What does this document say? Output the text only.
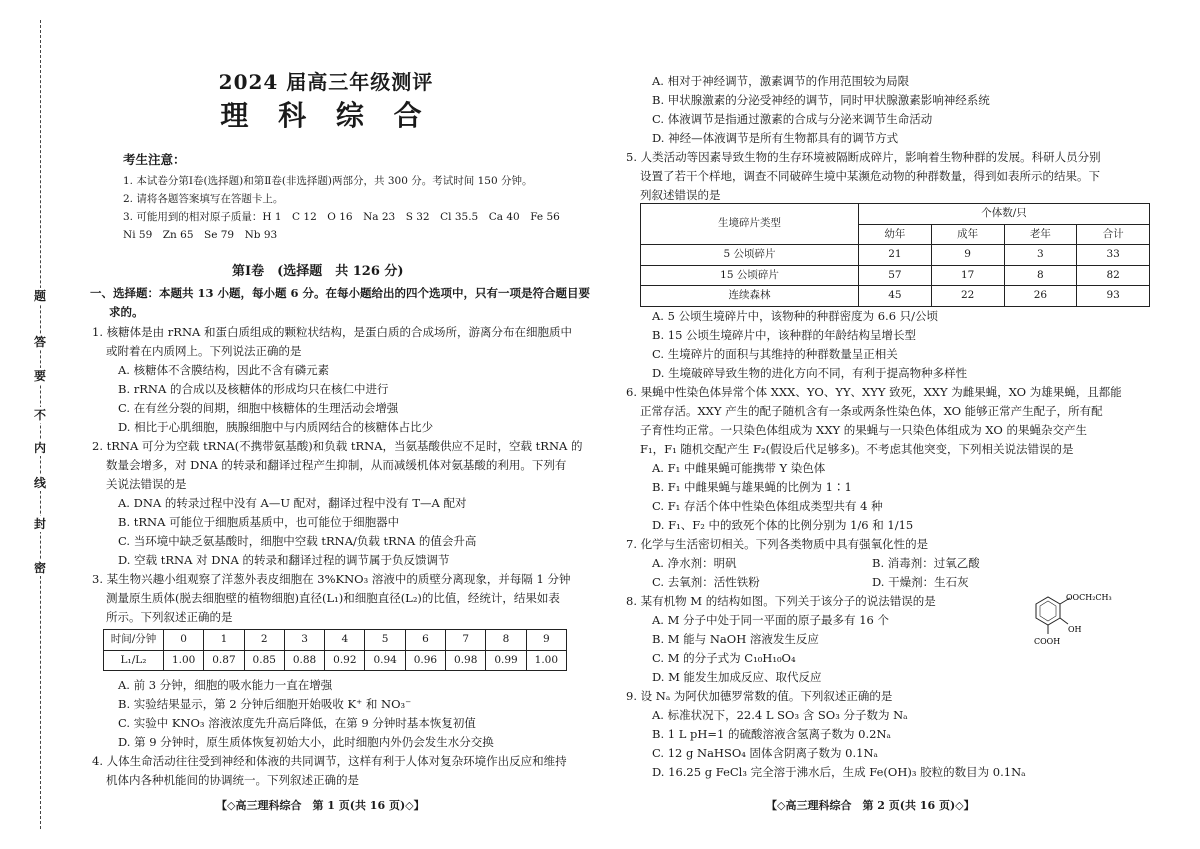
题
答
要
不
内
线
封
密
2024 届高三年级测评
理 科 综 合
考生注意：
1. 本试卷分第Ⅰ卷(选择题)和第Ⅱ卷(非选择题)两部分，共 300 分。考试时间 150 分钟。
2. 请将各题答案填写在答题卡上。
3. 可能用到的相对原子质量：H 1　C 12　O 16　Na 23　S 32　Cl 35.5　Ca 40　Fe 56
Ni 59　Zn 65　Se 79　Nb 93
第Ⅰ卷　(选择题　共 126 分)
一、选择题：本题共 13 小题，每小题 6 分。在每小题给出的四个选项中，只有一项是符合题目要
求的。
1. 核糖体是由 rRNA 和蛋白质组成的颗粒状结构，是蛋白质的合成场所，游离分布在细胞质中
或附着在内质网上。下列说法正确的是
A. 核糖体不含膜结构，因此不含有磷元素
B. rRNA 的合成以及核糖体的形成均只在核仁中进行
C. 在有丝分裂的间期，细胞中核糖体的生理活动会增强
D. 相比于心肌细胞，胰腺细胞中与内质网结合的核糖体占比少
2. tRNA 可分为空载 tRNA(不携带氨基酸)和负载 tRNA，当氨基酸供应不足时，空载 tRNA 的
数量会增多，对 DNA 的转录和翻译过程产生抑制，从而减缓机体对氨基酸的利用。下列有
关说法错误的是
A. DNA 的转录过程中没有 A—U 配对，翻译过程中没有 T—A 配对
B. tRNA 可能位于细胞质基质中，也可能位于细胞器中
C. 当环境中缺乏氨基酸时，细胞中空载 tRNA/负载 tRNA 的值会升高
D. 空载 tRNA 对 DNA 的转录和翻译过程的调节属于负反馈调节
3. 某生物兴趣小组观察了洋葱外表皮细胞在 3%KNO₃ 溶液中的质壁分离现象，并每隔 1 分钟
测量原生质体(脱去细胞壁的植物细胞)直径(L₁)和细胞直径(L₂)的比值，经统计，结果如表
所示。下列叙述正确的是
时间/分钟	0	1	2	3	4	5	6	7	8	9
L₁/L₂	1.00	0.87	0.85	0.88	0.92	0.94	0.96	0.98	0.99	1.00
A. 前 3 分钟，细胞的吸水能力一直在增强
B. 实验结果显示，第 2 分钟后细胞开始吸收 K⁺ 和 NO₃⁻
C. 实验中 KNO₃ 溶液浓度先升高后降低，在第 9 分钟时基本恢复初值
D. 第 9 分钟时，原生质体恢复初始大小，此时细胞内外仍会发生水分交换
4. 人体生命活动往往受到神经和体液的共同调节，这样有利于人体对复杂环境作出反应和维持
机体内各种机能间的协调统一。下列叙述正确的是
【◇高三理科综合　第 1 页(共 16 页)◇】
A. 相对于神经调节，激素调节的作用范围较为局限
B. 甲状腺激素的分泌受神经的调节，同时甲状腺激素影响神经系统
C. 体液调节是指通过激素的合成与分泌来调节生命活动
D. 神经—体液调节是所有生物都具有的调节方式
5. 人类活动等因素导致生物的生存环境被隔断成碎片，影响着生物种群的发展。科研人员分别
设置了若干个样地，调查不同破碎生境中某濒危动物的种群数量，得到如表所示的结果。下
列叙述错误的是
生境碎片类型	个体数/只			
	幼年	成年	老年	合计
5 公顷碎片	21	9	3	33
15 公顷碎片	57	17	8	82
连续森林	45	22	26	93
A. 5 公顷生境碎片中，该物种的种群密度为 6.6 只/公顷
B. 15 公顷生境碎片中，该种群的年龄结构呈增长型
C. 生境碎片的面积与其维持的种群数量呈正相关
D. 生境破碎导致生物的进化方向不同，有利于提高物种多样性
6. 果蝇中性染色体异常个体 XXX、YO、YY、XYY 致死，XXY 为雌果蝇，XO 为雄果蝇，且都能
正常存活。XXY 产生的配子随机含有一条或两条性染色体，XO 能够正常产生配子，所有配
子育性均正常。一只染色体组成为 XXY 的果蝇与一只染色体组成为 XO 的果蝇杂交产生
F₁，F₁ 随机交配产生 F₂(假设后代足够多)。不考虑其他突变，下列相关说法错误的是
A. F₁ 中雌果蝇可能携带 Y 染色体
B. F₁ 中雌果蝇与雄果蝇的比例为 1∶1
C. F₁ 存活个体中性染色体组成类型共有 4 种
D. F₁、F₂ 中的致死个体的比例分别为 1/6 和 1/15
7. 化学与生活密切相关。下列各类物质中具有强氧化性的是
A. 净水剂：明矾	B. 消毒剂：过氧乙酸
C. 去氧剂：活性铁粉	D. 干燥剂：生石灰
8. 某有机物 M 的结构如图。下列关于该分子的说法错误的是
A. M 分子中处于同一平面的原子最多有 16 个
B. M 能与 NaOH 溶液发生反应
C. M 的分子式为 C₁₀H₁₀O₄
D. M 能发生加成反应、取代反应
OOCH₂CH₃
OH
COOH
9. 设 Nₐ 为阿伏加德罗常数的值。下列叙述正确的是
A. 标准状况下，22.4 L SO₃ 含 SO₃ 分子数为 Nₐ
B. 1 L pH=1 的硫酸溶液含氢离子数为 0.2Nₐ
C. 12 g NaHSO₄ 固体含阴离子数为 0.1Nₐ
D. 16.25 g FeCl₃ 完全溶于沸水后，生成 Fe(OH)₃ 胶粒的数目为 0.1Nₐ
【◇高三理科综合　第 2 页(共 16 页)◇】
